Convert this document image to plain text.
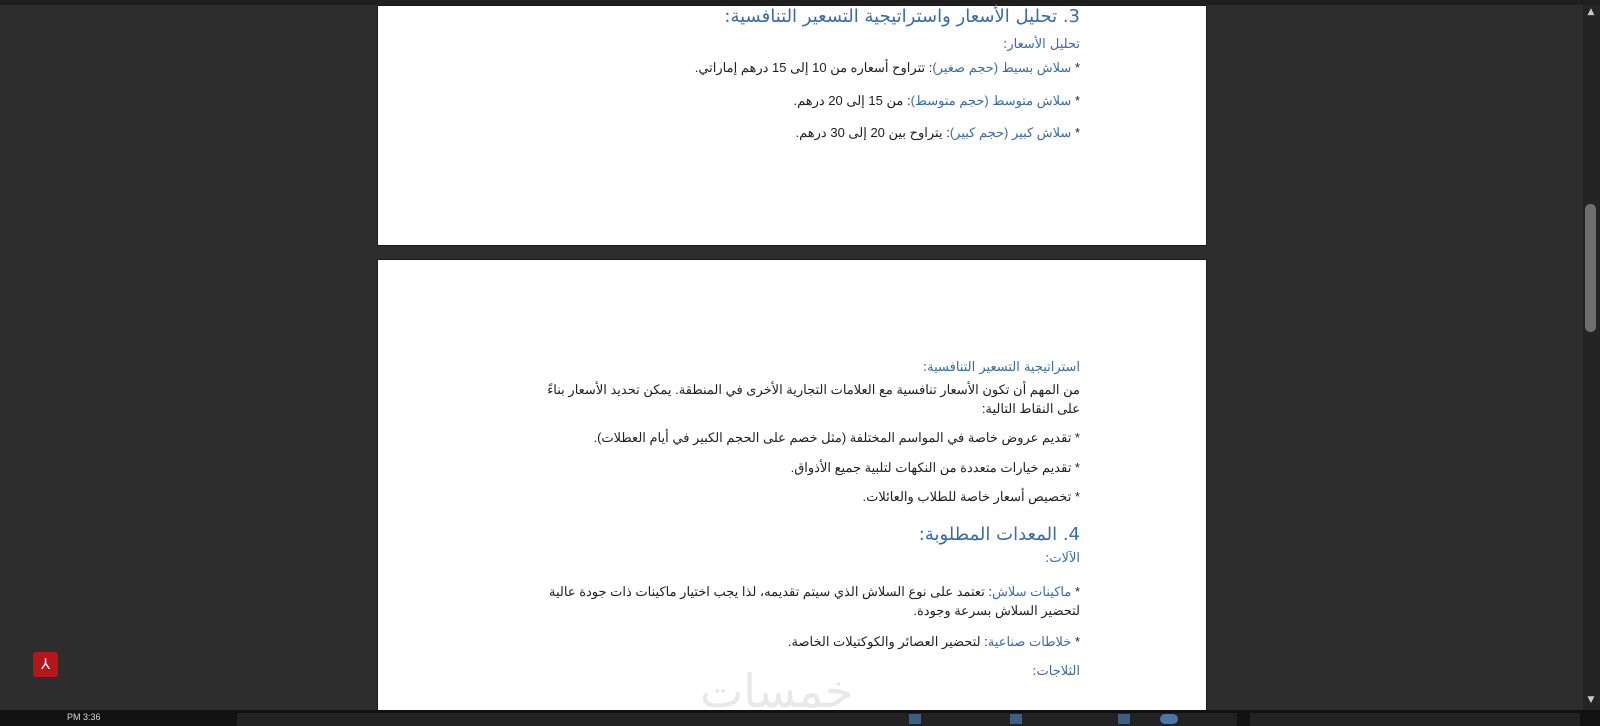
3. تحليل الأسعار واستراتيجية التسعير التنافسية:
تحليل الأسعار:
* سلاش بسيط (حجم صغير): تتراوح أسعاره من 10 إلى 15 درهم إماراتي.
* سلاش متوسط (حجم متوسط): من 15 إلى 20 درهم.
* سلاش كبير (حجم كبير): يتراوح بين 20 إلى 30 درهم.
استراتيجية التسعير التنافسية:
من المهم أن تكون الأسعار تنافسية مع العلامات التجارية الأخرى في المنطقة. يمكن تحديد الأسعار بناءً على النقاط التالية:
* تقديم عروض خاصة في المواسم المختلفة (مثل خصم على الحجم الكبير في أيام العطلات).
* تقديم خيارات متعددة من النكهات لتلبية جميع الأذواق.
* تخصيص أسعار خاصة للطلاب والعائلات.
4. المعدات المطلوبة:
الآلات:
* ماكينات سلاش: تعتمد على نوع السلاش الذي سيتم تقديمه، لذا يجب اختيار ماكينات ذات جودة عالية لتحضير السلاش بسرعة وجودة.
* خلاطات صناعية: لتحضير العصائر والكوكتيلات الخاصة.
الثلاجات:
خمسات
▲
▼
⅄
PM 3:36
